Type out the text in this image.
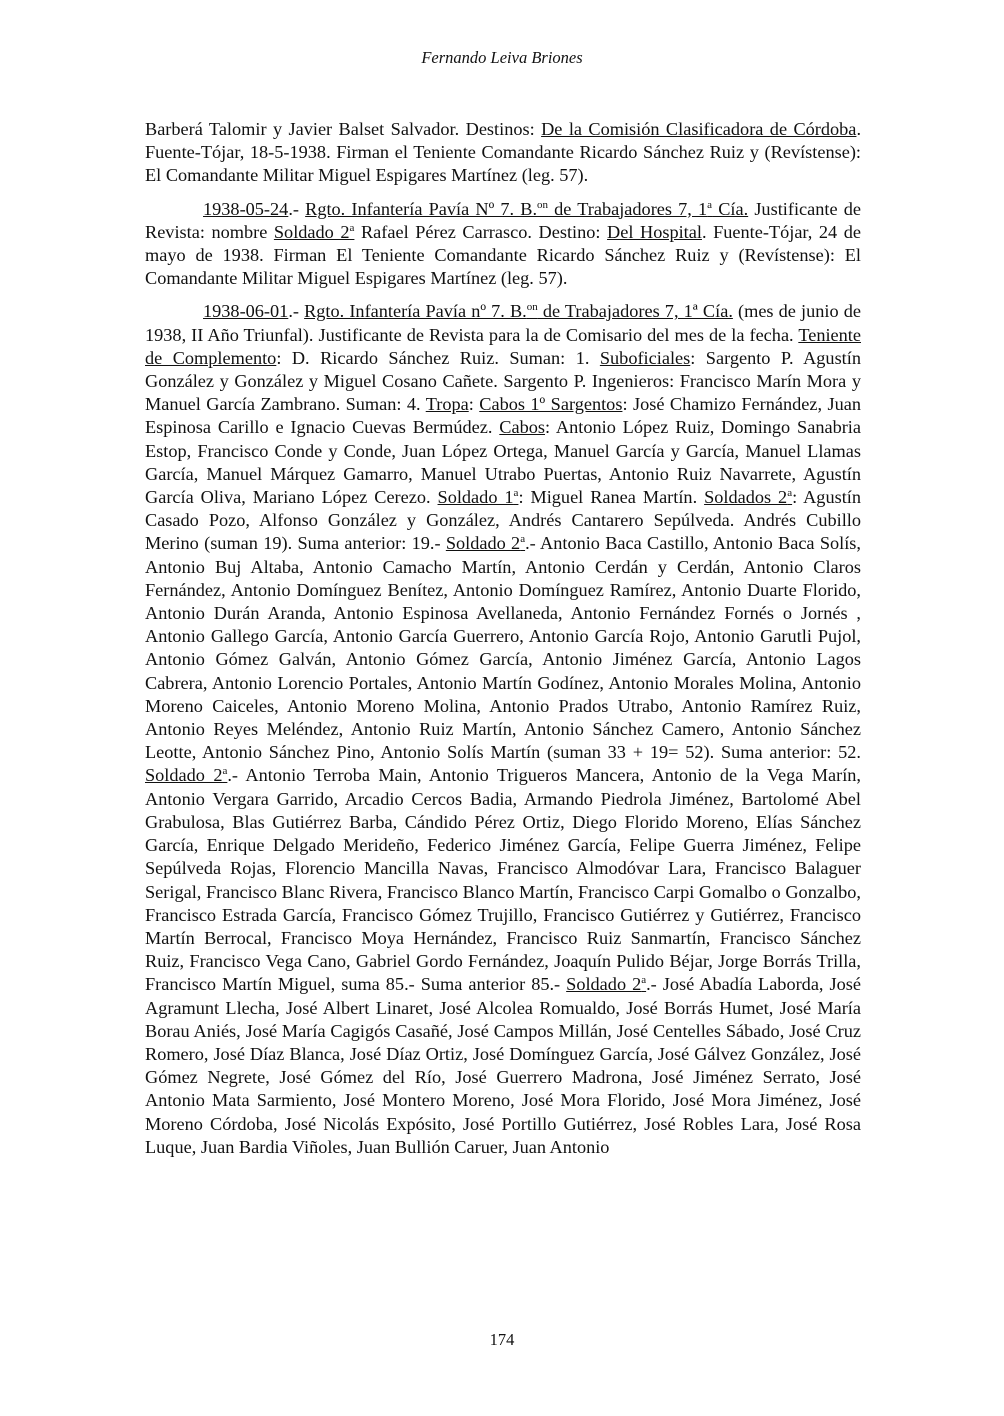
Fernando Leiva Briones

Barberá Talomir y Javier Balset Salvador. Destinos: De la Comisión Clasificadora de Córdoba. Fuente-Tójar, 18-5-1938. Firman el Teniente Comandante Ricardo Sánchez Ruiz y (Revístense): El Comandante Militar Miguel Espigares Martínez (leg. 57).

1938-05-24.- Rgto. Infantería Pavía Nº 7. B.$^{on}$ de Trabajadores 7, 1$^a$ Cía. Justificante de Revista: nombre Soldado 2$^a$ Rafael Pérez Carrasco. Destino: Del Hospital. Fuente-Tójar, 24 de mayo de 1938. Firman El Teniente Comandante Ricardo Sánchez Ruiz y (Revístense): El Comandante Militar Miguel Espigares Martínez (leg. 57).

1938-06-01.- Rgto. Infantería Pavía nº 7. B.$^{on}$ de Trabajadores 7, 1ª Cía. (mes de junio de 1938, II Año Triunfal). Justificante de Revista para la de Comisario del mes de la fecha. Teniente de Complemento: D. Ricardo Sánchez Ruiz. Suman: 1. Suboficiales: Sargento P. Agustín González y González y Miguel Cosano Cañete. Sargento P. Ingenieros: Francisco Marín Mora y Manuel García Zambrano. Suman: 4. Tropa: Cabos 1º Sargentos: José Chamizo Fernández, Juan Espinosa Carillo e Ignacio Cuevas Bermúdez. Cabos: Antonio López Ruiz, Domingo Sanabria Estop, Francisco Conde y Conde, Juan López Ortega, Manuel García y García, Manuel Llamas García, Manuel Márquez Gamarro, Manuel Utrabo Puertas, Antonio Ruiz Navarrete, Agustín García Oliva, Mariano López Cerezo. Soldado 1$^a$: Miguel Ranea Martín. Soldados 2$^a$: Agustín Casado Pozo, Alfonso González y González, Andrés Cantarero Sepúlveda. Andrés Cubillo Merino (suman 19). Suma anterior: 19.- Soldado 2$^a$.- Antonio Baca Castillo, Antonio Baca Solís, Antonio Buj Altaba, Antonio Camacho Martín, Antonio Cerdán y Cerdán, Antonio Claros Fernández, Antonio Domínguez Benítez, Antonio Domínguez Ramírez, Antonio Duarte Florido, Antonio Durán Aranda, Antonio Espinosa Avellaneda, Antonio Fernández Fornés o Jornés , Antonio Gallego García, Antonio García Guerrero, Antonio García Rojo, Antonio Garutli Pujol, Antonio Gómez Galván, Antonio Gómez García, Antonio Jiménez García, Antonio Lagos Cabrera, Antonio Lorencio Portales, Antonio Martín Godínez, Antonio Morales Molina, Antonio Moreno Caiceles, Antonio Moreno Molina, Antonio Prados Utrabo, Antonio Ramírez Ruiz, Antonio Reyes Meléndez, Antonio Ruiz Martín, Antonio Sánchez Camero, Antonio Sánchez Leotte, Antonio Sánchez Pino, Antonio Solís Martín (suman 33 + 19= 52). Suma anterior: 52. Soldado 2$^a$.- Antonio Terroba Main, Antonio Trigueros Mancera, Antonio de la Vega Marín, Antonio Vergara Garrido, Arcadio Cercos Badia, Armando Piedrola Jiménez, Bartolomé Abel Grabulosa, Blas Gutiérrez Barba, Cándido Pérez Ortiz, Diego Florido Moreno, Elías Sánchez García, Enrique Delgado Merideño, Federico Jiménez García, Felipe Guerra Jiménez, Felipe Sepúlveda Rojas, Florencio Mancilla Navas, Francisco Almodóvar Lara, Francisco Balaguer Serigal, Francisco Blanc Rivera, Francisco Blanco Martín, Francisco Carpi Gomalbo o Gonzalbo, Francisco Estrada García, Francisco Gómez Trujillo, Francisco Gutiérrez y Gutiérrez, Francisco Martín Berrocal, Francisco Moya Hernández, Francisco Ruiz Sanmartín, Francisco Sánchez Ruiz, Francisco Vega Cano, Gabriel Gordo Fernández, Joaquín Pulido Béjar, Jorge Borrás Trilla, Francisco Martín Miguel, suma 85.- Suma anterior 85.- Soldado 2$^a$.- José Abadía Laborda, José Agramunt Llecha, José Albert Linaret, José Alcolea Romualdo, José Borrás Humet, José María Borau Aniés, José María Cagigós Casañé, José Campos Millán, José Centelles Sábado, José Cruz Romero, José Díaz Blanca, José Díaz Ortiz, José Domínguez García, José Gálvez González, José Gómez Negrete, José Gómez del Río, José Guerrero Madrona, José Jiménez Serrato, José Antonio Mata Sarmiento, José Montero Moreno, José Mora Florido, José Mora Jiménez, José Moreno Córdoba, José Nicolás Expósito, José Portillo Gutiérrez, José Robles Lara, José Rosa Luque, Juan Bardia Viñoles, Juan Bullión Caruer, Juan Antonio

174
